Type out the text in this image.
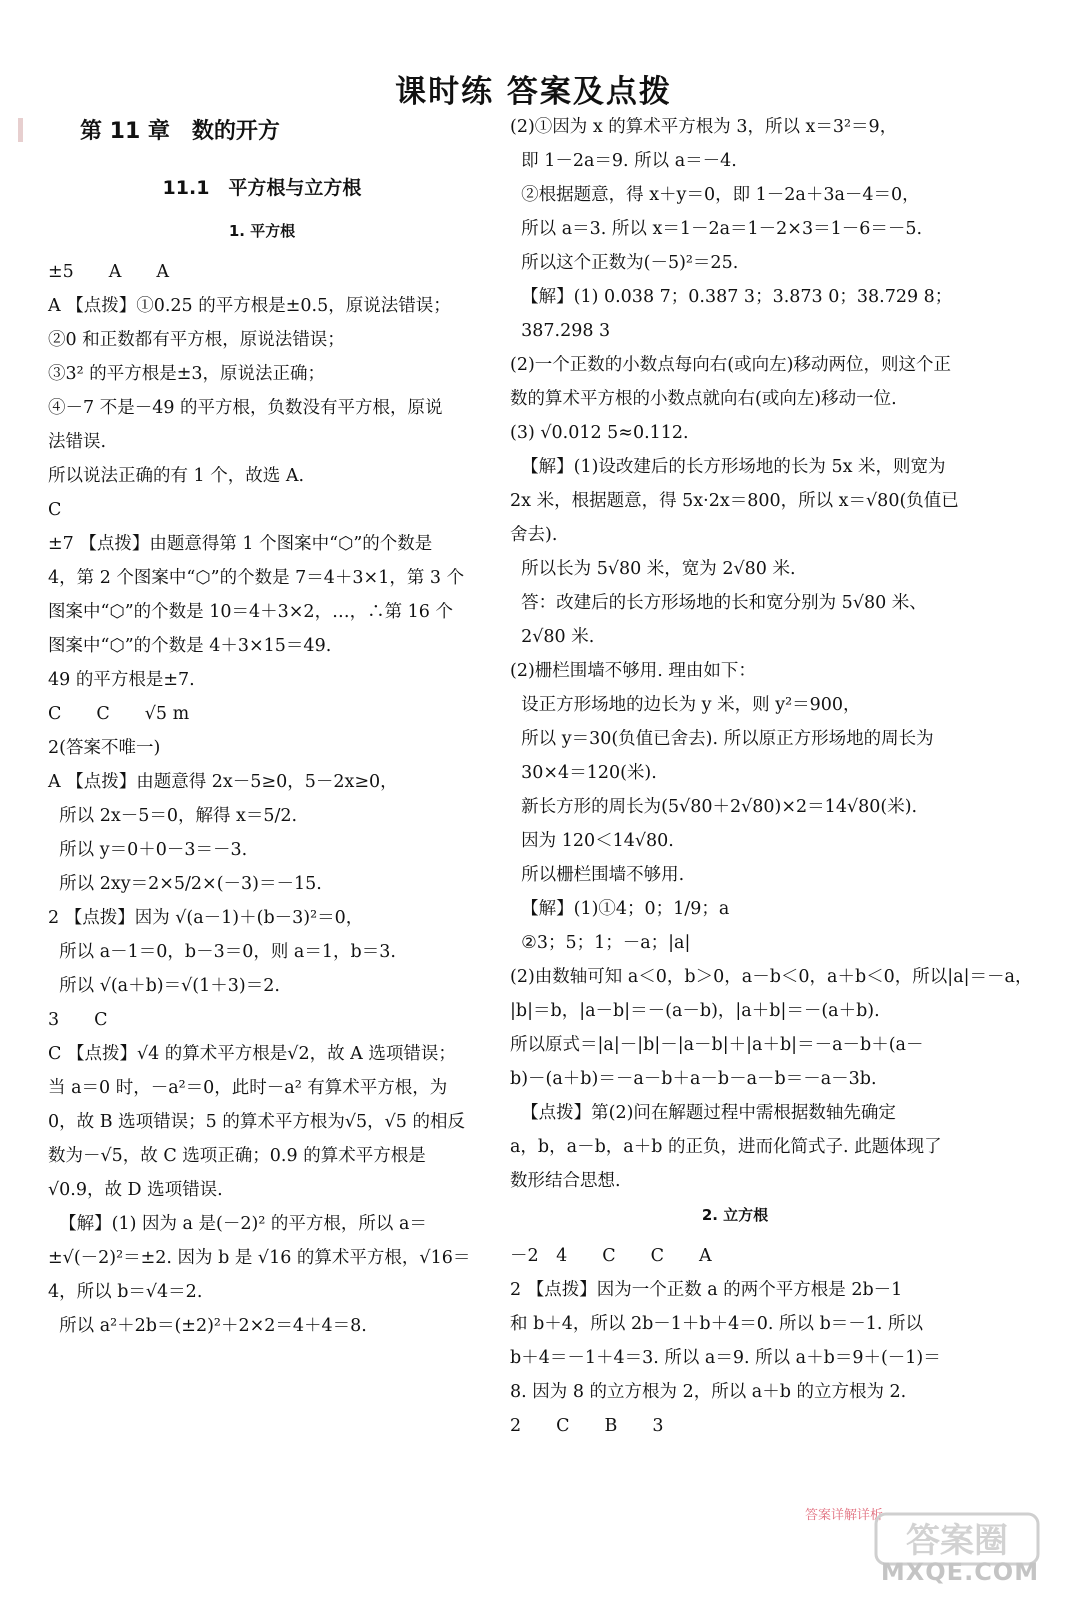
课时练 答案及点拨
第 11 章　数的开方
11.1　平方根与立方根
1. 平方根
±5　　A　　A
A 【点拨】①0.25 的平方根是±0.5，原说法错误；
②0 和正数都有平方根，原说法错误；
③3² 的平方根是±3，原说法正确；
④－7 不是－49 的平方根，负数没有平方根，原说
法错误.
所以说法正确的有 1 个，故选 A.
C
±7 【点拨】由题意得第 1 个图案中“⬡”的个数是
4，第 2 个图案中“⬡”的个数是 7＝4＋3×1，第 3 个
图案中“⬡”的个数是 10＝4＋3×2，…，∴第 16 个
图案中“⬡”的个数是 4＋3×15＝49.
49 的平方根是±7.
C　　C　　√5 m
2(答案不唯一)
A 【点拨】由题意得 2x－5≥0，5－2x≥0，
所以 2x－5＝0，解得 x＝5/2.
所以 y＝0＋0－3＝－3.
所以 2xy＝2×5/2×(－3)＝－15.
2 【点拨】因为 √(a－1)＋(b－3)²＝0，
所以 a－1＝0，b－3＝0，则 a＝1，b＝3.
所以 √(a＋b)＝√(1＋3)＝2.
3　　C
C 【点拨】√4 的算术平方根是√2，故 A 选项错误；
当 a＝0 时，－a²＝0，此时－a² 有算术平方根，为
0，故 B 选项错误；5 的算术平方根为√5，√5 的相反
数为－√5，故 C 选项正确；0.9 的算术平方根是
√0.9，故 D 选项错误.
【解】(1) 因为 a 是(－2)² 的平方根，所以 a＝
±√(－2)²＝±2. 因为 b 是 √16 的算术平方根，√16＝
4，所以 b＝√4＝2.
所以 a²＋2b＝(±2)²＋2×2＝4＋4＝8.
(2)①因为 x 的算术平方根为 3，所以 x＝3²＝9，
即 1－2a＝9. 所以 a＝－4.
②根据题意，得 x＋y＝0，即 1－2a＋3a－4＝0，
所以 a＝3. 所以 x＝1－2a＝1－2×3＝1－6＝－5.
所以这个正数为(－5)²＝25.
【解】(1) 0.038 7；0.387 3；3.873 0；38.729 8；
387.298 3
(2)一个正数的小数点每向右(或向左)移动两位，则这个正
数的算术平方根的小数点就向右(或向左)移动一位.
(3) √0.012 5≈0.112.
【解】(1)设改建后的长方形场地的长为 5x 米，则宽为
2x 米，根据题意，得 5x·2x＝800，所以 x＝√80(负值已
舍去).
所以长为 5√80 米，宽为 2√80 米.
答：改建后的长方形场地的长和宽分别为 5√80 米、
2√80 米.
(2)栅栏围墙不够用. 理由如下：
设正方形场地的边长为 y 米，则 y²＝900，
所以 y＝30(负值已舍去). 所以原正方形场地的周长为
30×4＝120(米).
新长方形的周长为(5√80＋2√80)×2＝14√80(米).
因为 120＜14√80.
所以栅栏围墙不够用.
【解】(1)①4；0；1/9；a
②3；5；1；－a；|a|
(2)由数轴可知 a＜0，b＞0，a－b＜0，a＋b＜0，所以|a|＝－a，
|b|＝b，|a－b|＝－(a－b)，|a＋b|＝－(a＋b).
所以原式＝|a|－|b|－|a－b|＋|a＋b|＝－a－b＋(a－
b)－(a＋b)＝－a－b＋a－b－a－b＝－a－3b.
【点拨】第(2)问在解题过程中需根据数轴先确定
a，b，a－b，a＋b 的正负，进而化简式子. 此题体现了
数形结合思想.
2. 立方根
－2　4　　C　　C　　A
2 【点拨】因为一个正数 a 的两个平方根是 2b－1
和 b＋4，所以 2b－1＋b＋4＝0. 所以 b＝－1. 所以
b＋4＝－1＋4＝3. 所以 a＝9. 所以 a＋b＝9＋(－1)＝
8. 因为 8 的立方根为 2，所以 a＋b 的立方根为 2.
2　　C　　B　　3
答案详解详析
答案圈
MXQE.COM
